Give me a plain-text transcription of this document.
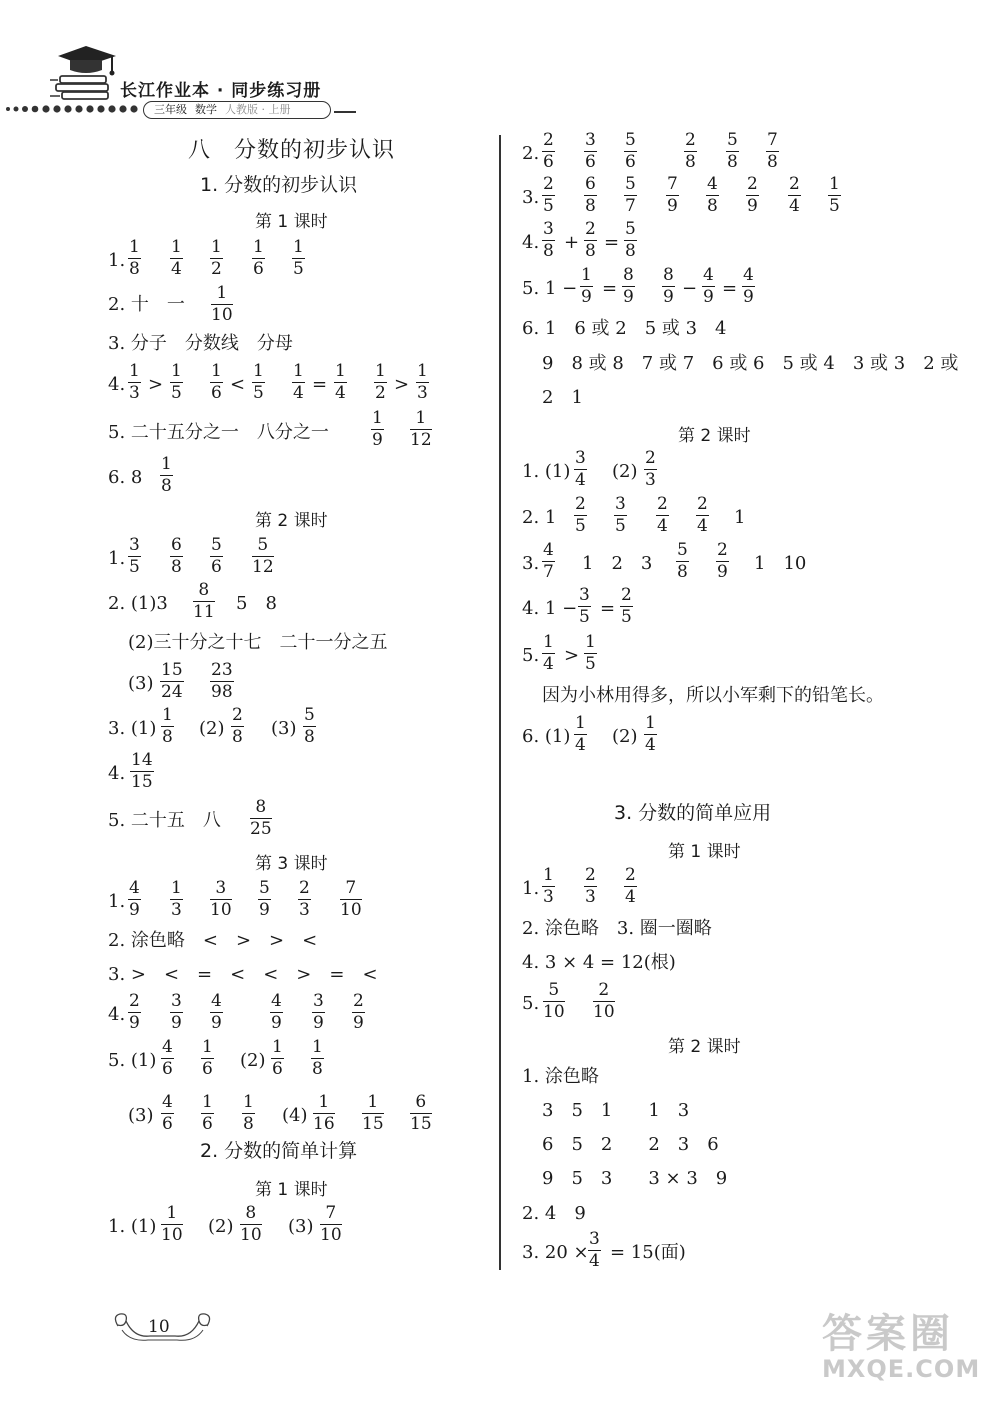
长江作业本 · 同步练习册
三年级 数学 人教版 · 上册
八　分数的初步认识
1. 分数的初步认识
第 1 课时
1.
1
8
1
4
1
2
1
6
1
5
2. 十　一
1
10
3. 分子　分数线　分母
4.
1
3 >
1
5
1
6 <
1
5
1
4 =
1
4
1
2 >
1
3
5. 二十五分之一　八分之一
1
9
1
12
6. 8
1
8
第 2 课时
1.
3
5
6
8
5
6
5
12
2. (1)3
8
11 5　8
(2)三十分之十七　二十一分之五
(3)
15
24
23
98
3. (1)
1
8 (2)
2
8 (3)
5
8
4.
14
15
5. 二十五　八
8
25
第 3 课时
1.
4
9
1
3
3
10
5
9
2
3
7
10
2. 涂色略　<　>　>　<
3. >　<　=　<　<　>　=　<
4.
2
9
3
9
4
9
4
9
3
9
2
9
5. (1)
4
6
1
6 (2)
1
6
1
8
(3)
4
6
1
6
1
8 (4)
1
16
1
15
6
15
2. 分数的简单计算
第 1 课时
1. (1)
1
10 (2)
8
10 (3)
7
10
2.
2
6
3
6
5
6
2
8
5
8
7
8
3.
2
5
6
8
5
7
7
9
4
8
2
9
2
4
1
5
4.
3
8 +
2
8 =
5
8
5. 1 −
1
9 =
8
9
8
9 −
4
9 =
4
9
6. 1　6 或 2　5 或 3　4
9　8 或 8　7 或 7　6 或 6　5 或 4　3 或 3　2 或
2　1
第 2 课时
1. (1)
3
4 (2)
2
3
2. 1
2
5
3
5
2
4
2
4 1
3.
4
7 1　2　3
5
8
2
9 1　10
4. 1 −
3
5 =
2
5
5.
1
4 >
1
5
因为小林用得多，所以小军剩下的铅笔长。
6. (1)
1
4 (2)
1
4
3. 分数的简单应用
第 1 课时
1.
1
3
2
3
2
4
2. 涂色略　3. 圈一圈略
4. 3 × 4 = 12(根)
5.
5
10
2
10
第 2 课时
1. 涂色略
3　5　1　　1　3
6　5　2　　2　3　6
9　5　3　　3 × 3　9
2. 4　9
3. 20 ×
3
4 = 15(面)
10	答案圈
MXQE.COM
